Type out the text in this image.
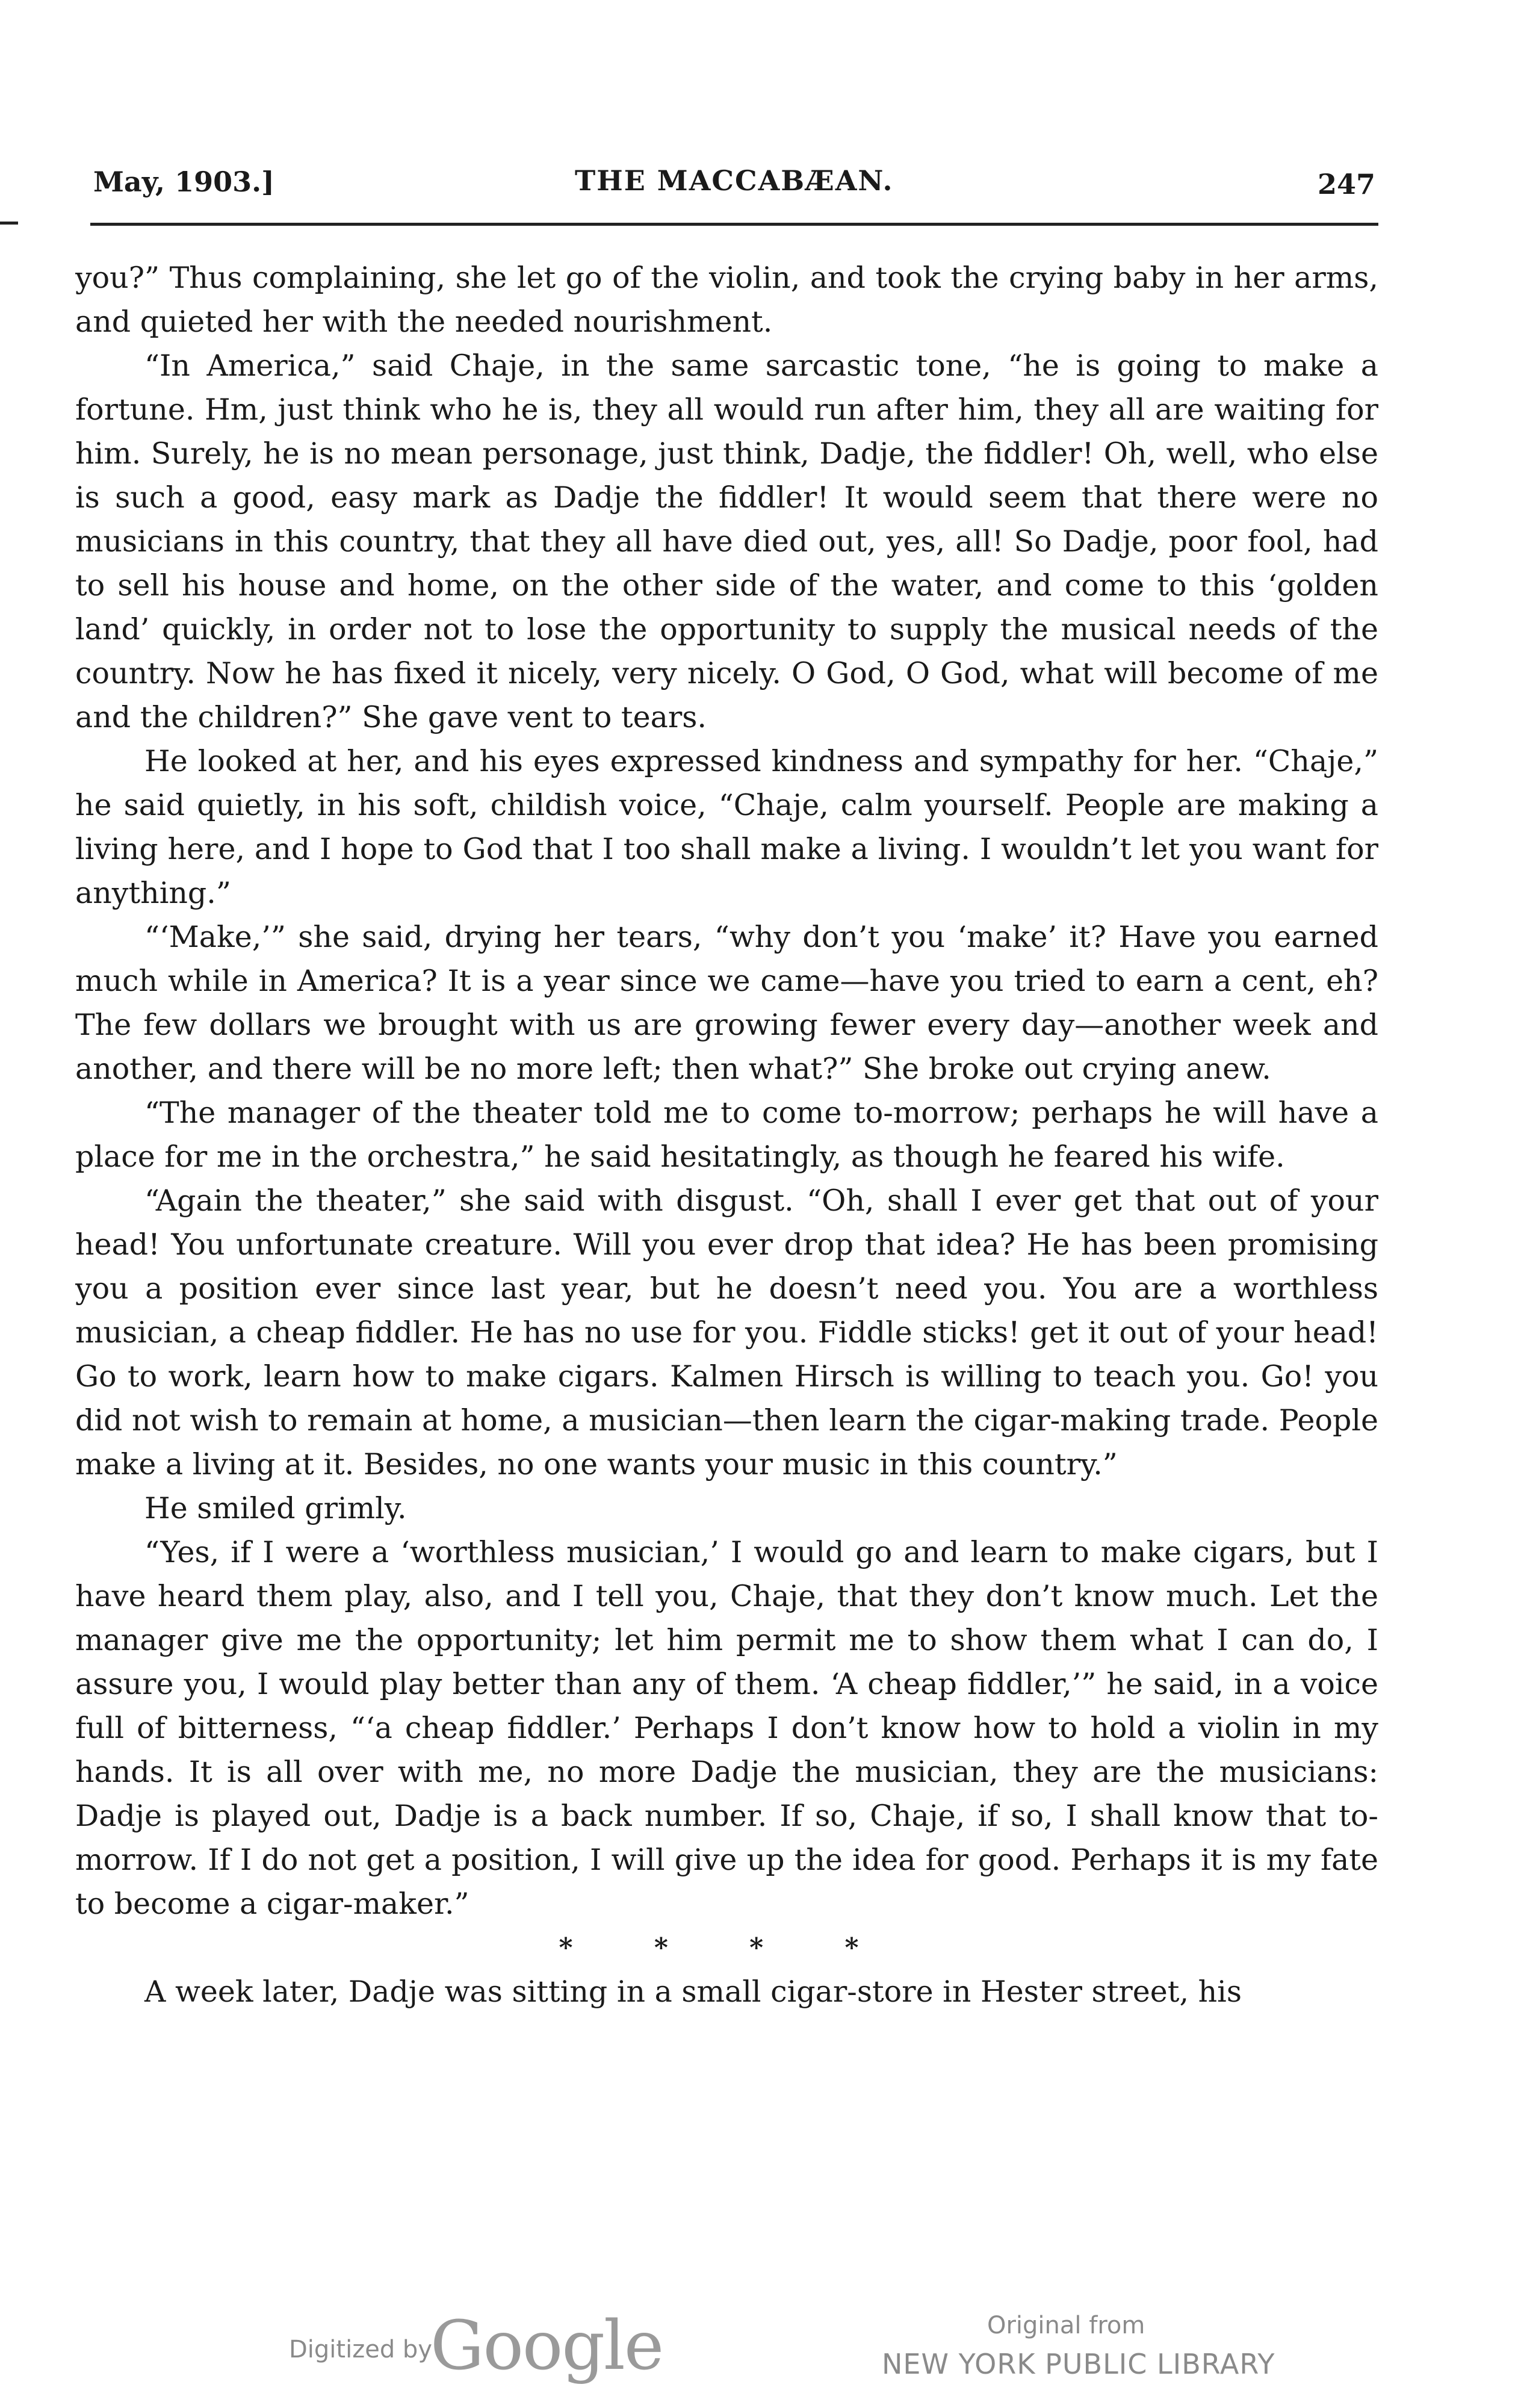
May, 1903.]	THE MACCABÆAN.	247

you?” Thus complaining, she let go of the violin, and took the crying baby in her arms, and quieted her with the needed nourishment.

“In America,” said Chaje, in the same sarcastic tone, “he is going to make a fortune. Hm, just think who he is, they all would run after him, they all are waiting for him. Surely, he is no mean personage, just think, Dadje, the fiddler! Oh, well, who else is such a good, easy mark as Dadje the fiddler! It would seem that there were no musicians in this country, that they all have died out, yes, all! So Dadje, poor fool, had to sell his house and home, on the other side of the water, and come to this ‘golden land’ quickly, in order not to lose the opportunity to supply the musical needs of the country. Now he has fixed it nicely, very nicely. O God, O God, what will become of me and the children?” She gave vent to tears.

He looked at her, and his eyes expressed kindness and sympathy for her. “Chaje,” he said quietly, in his soft, childish voice, “Chaje, calm yourself. People are making a living here, and I hope to God that I too shall make a living. I wouldn’t let you want for anything.”

“‘Make,’” she said, drying her tears, “why don’t you ‘make’ it? Have you earned much while in America? It is a year since we came—have you tried to earn a cent, eh? The few dollars we brought with us are growing fewer every day—another week and another, and there will be no more left; then what?” She broke out crying anew.

“The manager of the theater told me to come to-morrow; perhaps he will have a place for me in the orchestra,” he said hesitatingly, as though he feared his wife.

“Again the theater,” she said with disgust. “Oh, shall I ever get that out of your head! You unfortunate creature. Will you ever drop that idea? He has been promising you a position ever since last year, but he doesn’t need you. You are a worthless musician, a cheap fiddler. He has no use for you. Fiddle sticks! get it out of your head! Go to work, learn how to make cigars. Kalmen Hirsch is willing to teach you. Go! you did not wish to remain at home, a musician—then learn the cigar-making trade. People make a living at it. Besides, no one wants your music in this country.”

He smiled grimly.

“Yes, if I were a ‘worthless musician,’ I would go and learn to make cigars, but I have heard them play, also, and I tell you, Chaje, that they don’t know much. Let the manager give me the opportunity; let him permit me to show them what I can do, I assure you, I would play better than any of them. ‘A cheap fiddler,’” he said, in a voice full of bitterness, “‘a cheap fiddler.’ Perhaps I don’t know how to hold a violin in my hands. It is all over with me, no more Dadje the musician, they are the musicians: Dadje is played out, Dadje is a back number. If so, Chaje, if so, I shall know that to-morrow. If I do not get a position, I will give up the idea for good. Perhaps it is my fate to become a cigar-maker.”

* * * *

A week later, Dadje was sitting in a small cigar-store in Hester street, his

Digitized by
Google	Original from
NEW YORK PUBLIC LIBRARY
